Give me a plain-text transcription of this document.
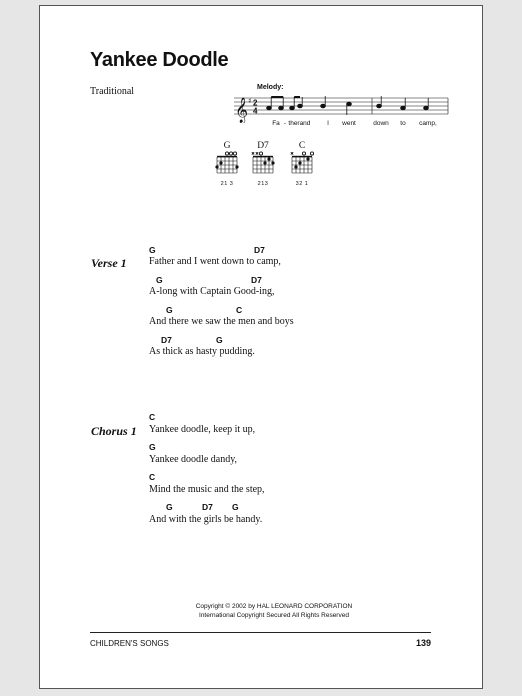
Yankee Doodle
Traditional	Melody:
𝄞 ♯ 2
4
Fa - ther and	I went	down to camp,
G
21 3
D7
213
C
32 1
Verse 1
G	D7
Father and I went down to camp,
G	D7
A-long with Captain Good-ing,
G	C
And there we saw the men and boys
D7	G
As thick as hasty pudding.
Chorus 1
C
Yankee doodle, keep it up,
G
Yankee doodle dandy,
C
Mind the music and the step,
G	D7 G
And with the girls be handy.
Copyright © 2002 by HAL LEONARD CORPORATION
International Copyright Secured All Rights Reserved
CHILDREN'S SONGS	139
